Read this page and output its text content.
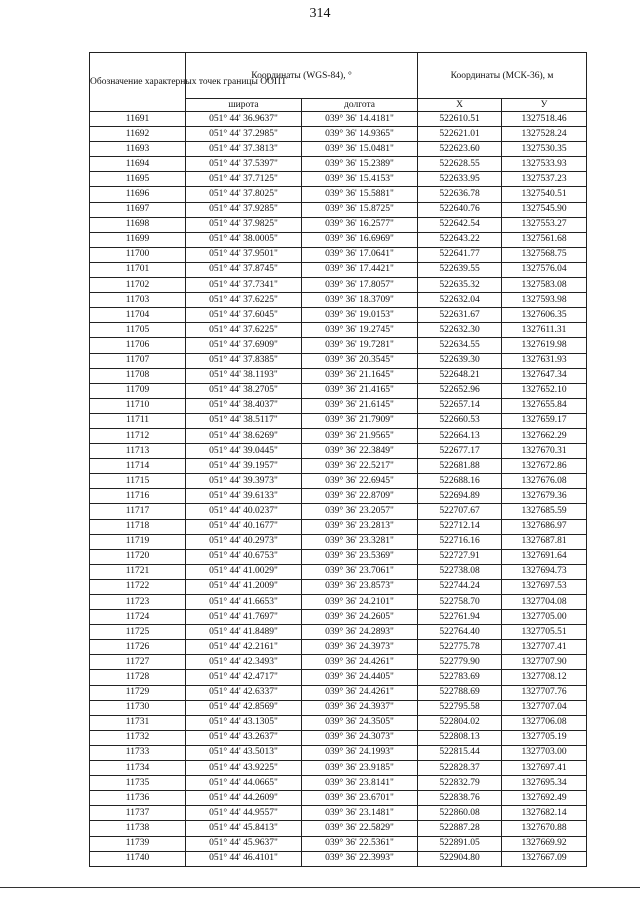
314
Обозначение характерных точек границы ООПТ	Координаты (WGS-84), °		Координаты (МСК-36), м	
	широта	долгота	X	У
11691	051° 44' 36.9637"	039° 36' 14.4181"	522610.51	1327518.46
11692	051° 44' 37.2985"	039° 36' 14.9365"	522621.01	1327528.24
11693	051° 44' 37.3813"	039° 36' 15.0481"	522623.60	1327530.35
11694	051° 44' 37.5397"	039° 36' 15.2389"	522628.55	1327533.93
11695	051° 44' 37.7125"	039° 36' 15.4153"	522633.95	1327537.23
11696	051° 44' 37.8025"	039° 36' 15.5881"	522636.78	1327540.51
11697	051° 44' 37.9285"	039° 36' 15.8725"	522640.76	1327545.90
11698	051° 44' 37.9825"	039° 36' 16.2577"	522642.54	1327553.27
11699	051° 44' 38.0005"	039° 36' 16.6969"	522643.22	1327561.68
11700	051° 44' 37.9501"	039° 36' 17.0641"	522641.77	1327568.75
11701	051° 44' 37.8745"	039° 36' 17.4421"	522639.55	1327576.04
11702	051° 44' 37.7341"	039° 36' 17.8057"	522635.32	1327583.08
11703	051° 44' 37.6225"	039° 36' 18.3709"	522632.04	1327593.98
11704	051° 44' 37.6045"	039° 36' 19.0153"	522631.67	1327606.35
11705	051° 44' 37.6225"	039° 36' 19.2745"	522632.30	1327611.31
11706	051° 44' 37.6909"	039° 36' 19.7281"	522634.55	1327619.98
11707	051° 44' 37.8385"	039° 36' 20.3545"	522639.30	1327631.93
11708	051° 44' 38.1193"	039° 36' 21.1645"	522648.21	1327647.34
11709	051° 44' 38.2705"	039° 36' 21.4165"	522652.96	1327652.10
11710	051° 44' 38.4037"	039° 36' 21.6145"	522657.14	1327655.84
11711	051° 44' 38.5117"	039° 36' 21.7909"	522660.53	1327659.17
11712	051° 44' 38.6269"	039° 36' 21.9565"	522664.13	1327662.29
11713	051° 44' 39.0445"	039° 36' 22.3849"	522677.17	1327670.31
11714	051° 44' 39.1957"	039° 36' 22.5217"	522681.88	1327672.86
11715	051° 44' 39.3973"	039° 36' 22.6945"	522688.16	1327676.08
11716	051° 44' 39.6133"	039° 36' 22.8709"	522694.89	1327679.36
11717	051° 44' 40.0237"	039° 36' 23.2057"	522707.67	1327685.59
11718	051° 44' 40.1677"	039° 36' 23.2813"	522712.14	1327686.97
11719	051° 44' 40.2973"	039° 36' 23.3281"	522716.16	1327687.81
11720	051° 44' 40.6753"	039° 36' 23.5369"	522727.91	1327691.64
11721	051° 44' 41.0029"	039° 36' 23.7061"	522738.08	1327694.73
11722	051° 44' 41.2009"	039° 36' 23.8573"	522744.24	1327697.53
11723	051° 44' 41.6653"	039° 36' 24.2101"	522758.70	1327704.08
11724	051° 44' 41.7697"	039° 36' 24.2605"	522761.94	1327705.00
11725	051° 44' 41.8489"	039° 36' 24.2893"	522764.40	1327705.51
11726	051° 44' 42.2161"	039° 36' 24.3973"	522775.78	1327707.41
11727	051° 44' 42.3493"	039° 36' 24.4261"	522779.90	1327707.90
11728	051° 44' 42.4717"	039° 36' 24.4405"	522783.69	1327708.12
11729	051° 44' 42.6337"	039° 36' 24.4261"	522788.69	1327707.76
11730	051° 44' 42.8569"	039° 36' 24.3937"	522795.58	1327707.04
11731	051° 44' 43.1305"	039° 36' 24.3505"	522804.02	1327706.08
11732	051° 44' 43.2637"	039° 36' 24.3073"	522808.13	1327705.19
11733	051° 44' 43.5013"	039° 36' 24.1993"	522815.44	1327703.00
11734	051° 44' 43.9225"	039° 36' 23.9185"	522828.37	1327697.41
11735	051° 44' 44.0665"	039° 36' 23.8141"	522832.79	1327695.34
11736	051° 44' 44.2609"	039° 36' 23.6701"	522838.76	1327692.49
11737	051° 44' 44.9557"	039° 36' 23.1481"	522860.08	1327682.14
11738	051° 44' 45.8413"	039° 36' 22.5829"	522887.28	1327670.88
11739	051° 44' 45.9637"	039° 36' 22.5361"	522891.05	1327669.92
11740	051° 44' 46.4101"	039° 36' 22.3993"	522904.80	1327667.09
